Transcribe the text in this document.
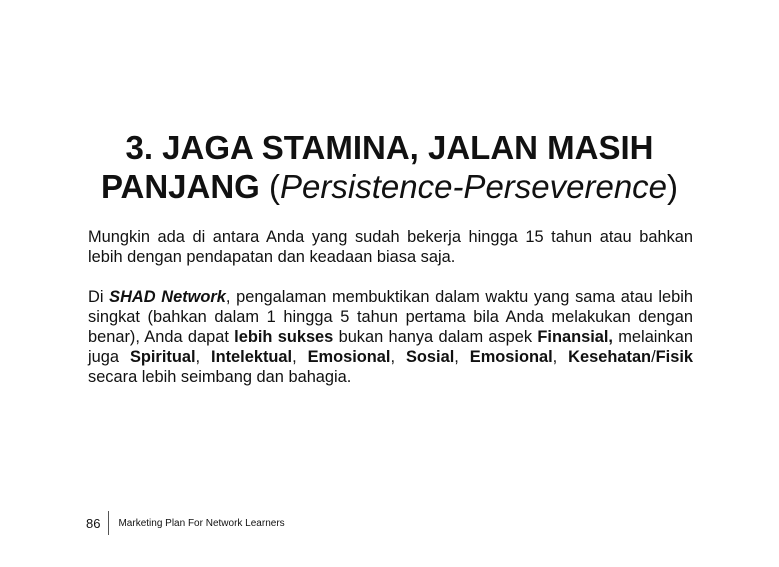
3. JAGA STAMINA, JALAN MASIH
PANJANG (Persistence-Perseverence)

Mungkin ada di antara Anda yang sudah bekerja hingga 15 tahun atau bahkan lebih dengan pendapatan dan keadaan biasa saja.

Di SHAD Network, pengalaman membuktikan dalam waktu yang sama atau lebih singkat (bahkan dalam 1 hingga 5 tahun pertama bila Anda melakukan dengan benar), Anda dapat lebih sukses bukan hanya dalam aspek Finansial, melainkan juga Spiritual, Intelektual, Emosional, Sosial, Emosional, Kesehatan/Fisik secara lebih seimbang dan bahagia.

86	Marketing Plan For Network Learners
